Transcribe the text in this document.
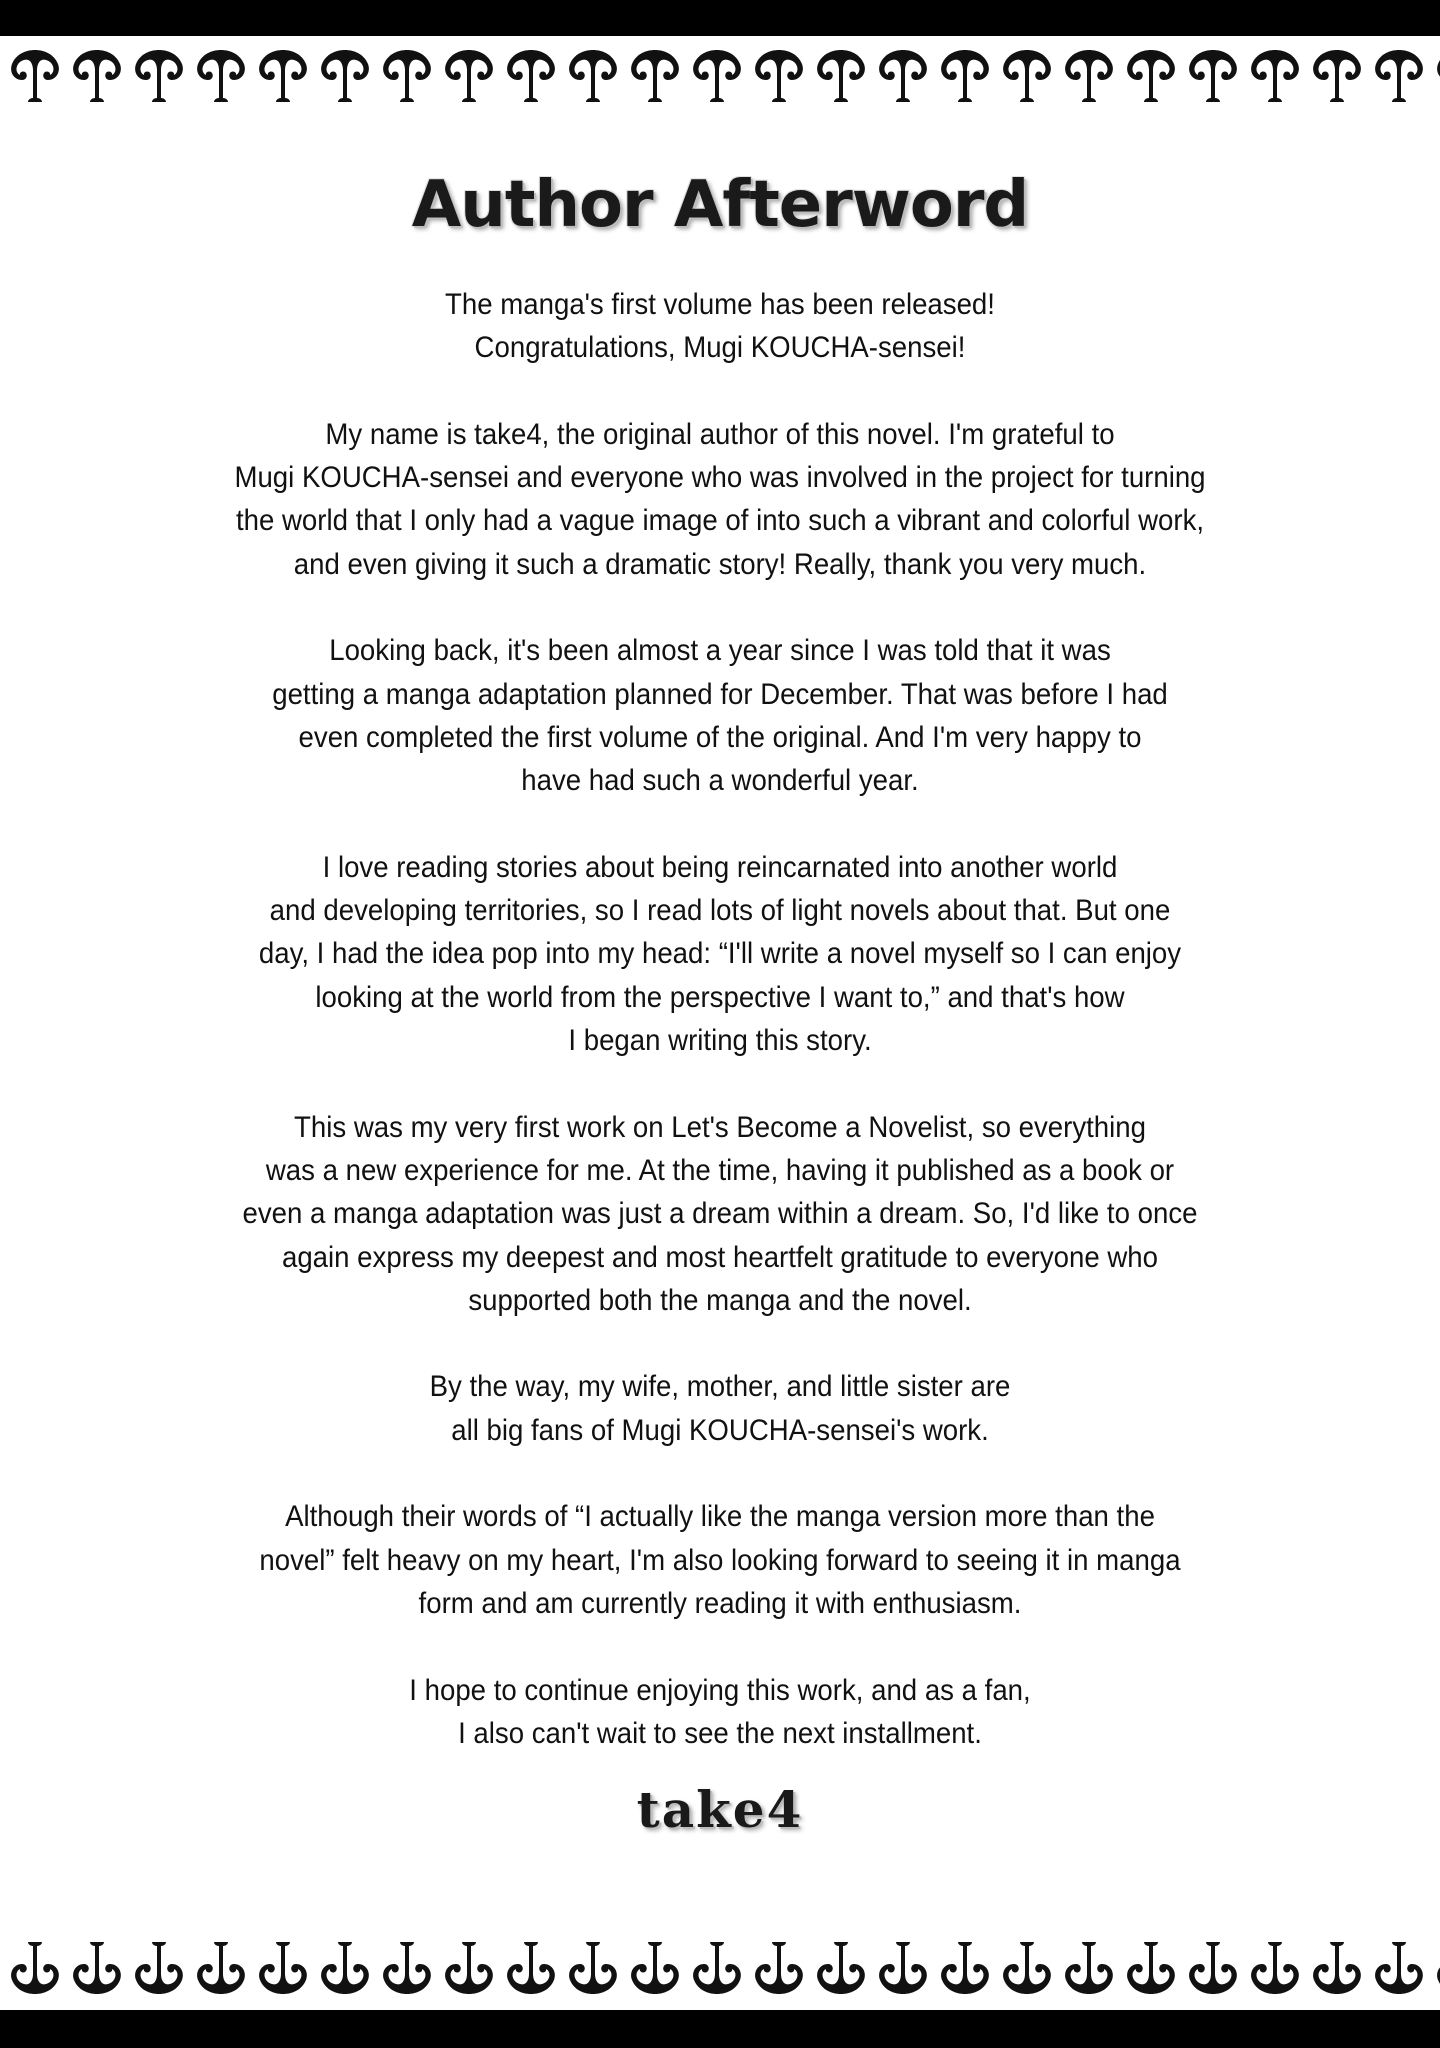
Author Afterword
The manga's first volume has been released!
Congratulations, Mugi KOUCHA-sensei!
My name is take4, the original author of this novel. I'm grateful to
Mugi KOUCHA-sensei and everyone who was involved in the project for turning
the world that I only had a vague image of into such a vibrant and colorful work,
and even giving it such a dramatic story! Really, thank you very much.
Looking back, it's been almost a year since I was told that it was
getting a manga adaptation planned for December. That was before I had
even completed the first volume of the original. And I'm very happy to
have had such a wonderful year.
I love reading stories about being reincarnated into another world
and developing territories, so I read lots of light novels about that. But one
day, I had the idea pop into my head: “I'll write a novel myself so I can enjoy
looking at the world from the perspective I want to,” and that's how
I began writing this story.
This was my very first work on Let's Become a Novelist, so everything
was a new experience for me. At the time, having it published as a book or
even a manga adaptation was just a dream within a dream. So, I'd like to once
again express my deepest and most heartfelt gratitude to everyone who
supported both the manga and the novel.
By the way, my wife, mother, and little sister are
all big fans of Mugi KOUCHA-sensei's work.
Although their words of “I actually like the manga version more than the
novel” felt heavy on my heart, I'm also looking forward to seeing it in manga
form and am currently reading it with enthusiasm.
I hope to continue enjoying this work, and as a fan,
I also can't wait to see the next installment.
take4
